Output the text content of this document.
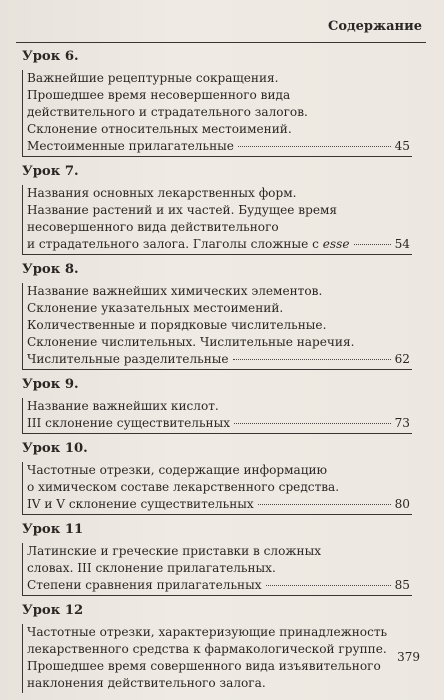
Содержание
Урок 6.
Важнейшие рецептурные сокращения.
Прошедшее время несовершенного вида
действительного и страдательного залогов.
Склонение относительных местоимений.
Местоименные прилагательные	45
Урок 7.
Названия основных лекарственных форм.
Название растений и их частей. Будущее время
несовершенного вида действительного
и страдательного залога. Глаголы сложные с esse	54
Урок 8.
Название важнейших химических элементов.
Склонение указательных местоимений.
Количественные и порядковые числительные.
Склонение числительных. Числительные наречия.
Числительные разделительные	62
Урок 9.
Название важнейших кислот.
III склонение существительных	73
Урок 10.
Частотные отрезки, содержащие информацию
о химическом составе лекарственного средства.
IV и V склонение существительных	80
Урок 11
Латинские и греческие приставки в сложных
словах. III склонение прилагательных.
Степени сравнения прилагательных	85
Урок 12
Частотные отрезки, характеризующие принадлежность
лекарственного средства к фармакологической группе.
Прошедшее время совершенного вида изъявительного
наклонения действительного залога.
379
